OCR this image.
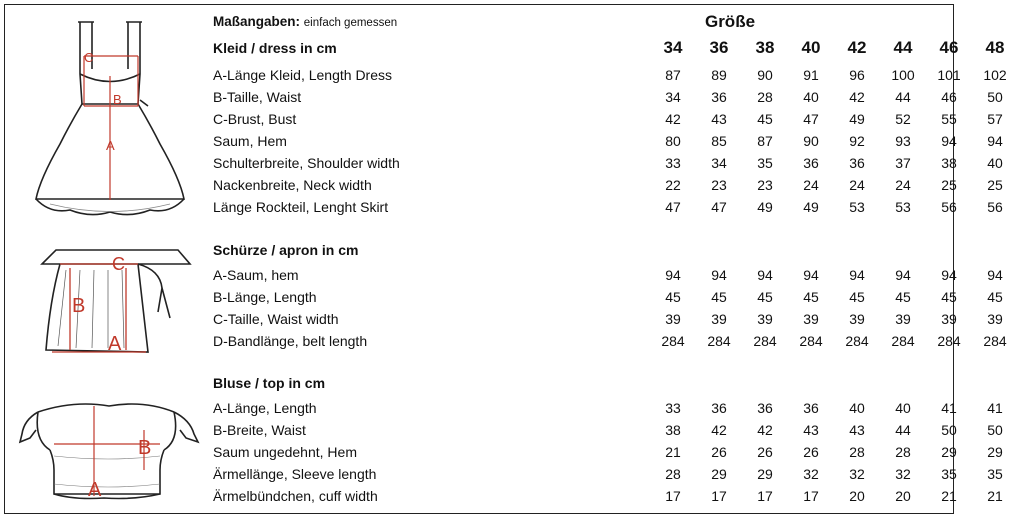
C
B
A
C
B
A
B
A
Maßangaben: einfach gemessen	Größe
Kleid / dress in cm	34	36	38	40	42	44	46	48
A-Länge Kleid, Length Dress	87	89	90	91	96	100	101	102
B-Taille, Waist	34	36	28	40	42	44	46	50
C-Brust, Bust	42	43	45	47	49	52	55	57
Saum, Hem	80	85	87	90	92	93	94	94
Schulterbreite, Shoulder width	33	34	35	36	36	37	38	40
Nackenbreite, Neck width	22	23	23	24	24	24	25	25
Länge Rockteil, Lenght Skirt	47	47	49	49	53	53	56	56
Schürze / apron in cm
A-Saum, hem	94	94	94	94	94	94	94	94
B-Länge, Length	45	45	45	45	45	45	45	45
C-Taille, Waist width	39	39	39	39	39	39	39	39
D-Bandlänge, belt length	284	284	284	284	284	284	284	284
Bluse / top in cm
A-Länge, Length	33	36	36	36	40	40	41	41
B-Breite, Waist	38	42	42	43	43	44	50	50
Saum ungedehnt, Hem	21	26	26	26	28	28	29	29
Ärmellänge, Sleeve length	28	29	29	32	32	32	35	35
Ärmelbündchen, cuff width	17	17	17	17	20	20	21	21
